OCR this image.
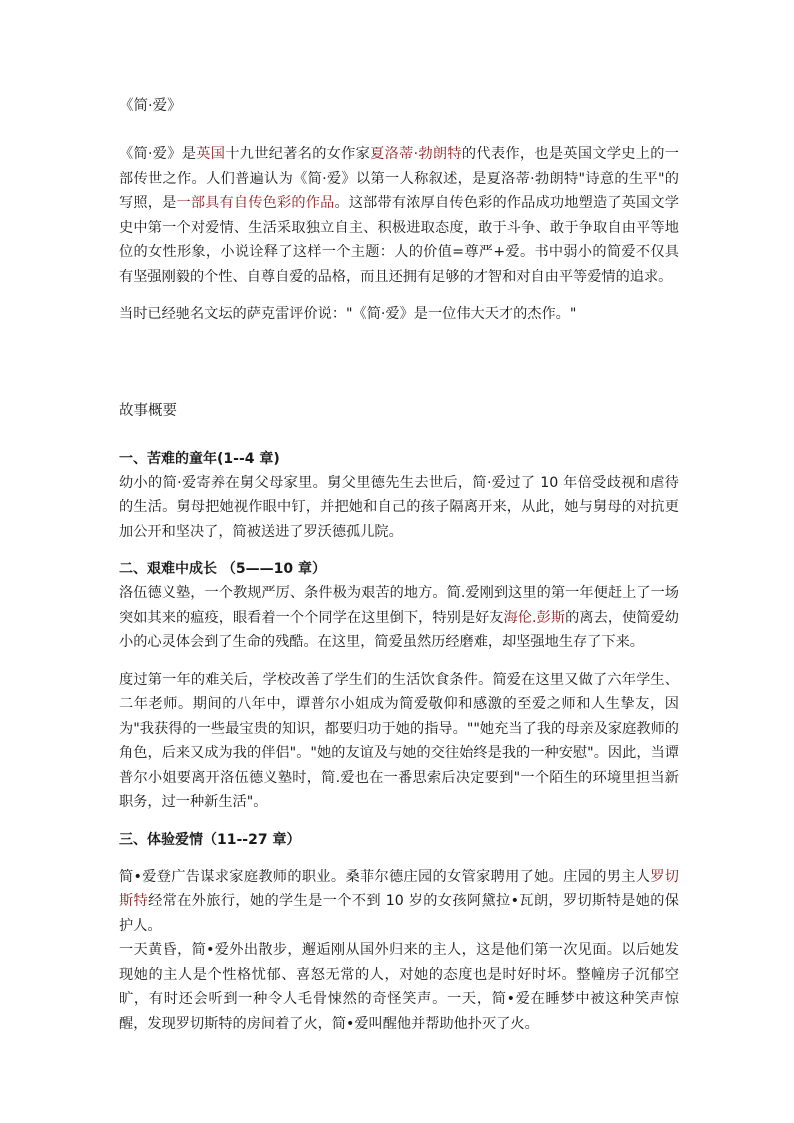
《简·爱》

《简·爱》是英国十九世纪著名的女作家夏洛蒂·勃朗特的代表作，也是英国文学史上的一部传世之作。人们普遍认为《简·爱》以第一人称叙述，是夏洛蒂·勃朗特"诗意的生平"的写照，是一部具有自传色彩的作品。这部带有浓厚自传色彩的作品成功地塑造了英国文学史中第一个对爱情、生活采取独立自主、积极进取态度，敢于斗争、敢于争取自由平等地位的女性形象，小说诠释了这样一个主题：人的价值=尊严+爱。书中弱小的简爱不仅具有坚强刚毅的个性、自尊自爱的品格，而且还拥有足够的才智和对自由平等爱情的追求。

当时已经驰名文坛的萨克雷评价说："《简·爱》是一位伟大天才的杰作。"

故事概要

一、苦难的童年(1--4 章)

幼小的简·爱寄养在舅父母家里。舅父里德先生去世后，简·爱过了 10 年倍受歧视和虐待的生活。舅母把她视作眼中钉，并把她和自己的孩子隔离开来，从此，她与舅母的对抗更加公开和坚决了，简被送进了罗沃德孤儿院。

二、艰难中成长 （5——10 章）

洛伍德义塾，一个教规严厉、条件极为艰苦的地方。简.爱刚到这里的第一年便赶上了一场突如其来的瘟疫，眼看着一个个同学在这里倒下，特别是好友海伦.彭斯的离去，使简爱幼小的心灵体会到了生命的残酷。在这里，简爱虽然历经磨难，却坚强地生存了下来。

度过第一年的难关后，学校改善了学生们的生活饮食条件。简爱在这里又做了六年学生、二年老师。期间的八年中，谭普尔小姐成为简爱敬仰和感激的至爱之师和人生挚友，因为"我获得的一些最宝贵的知识，都要归功于她的指导。""她充当了我的母亲及家庭教师的角色，后来又成为我的伴侣"。"她的友谊及与她的交往始终是我的一种安慰"。因此，当谭普尔小姐要离开洛伍德义塾时，简.爱也在一番思索后决定要到"一个陌生的环境里担当新职务，过一种新生活"。

三、体验爱情（11--27 章）

简•爱登广告谋求家庭教师的职业。桑菲尔德庄园的女管家聘用了她。庄园的男主人罗切斯特经常在外旅行，她的学生是一个不到 10 岁的女孩阿黛拉•瓦朗，罗切斯特是她的保护人。

一天黄昏，简•爱外出散步，邂逅刚从国外归来的主人，这是他们第一次见面。以后她发现她的主人是个性格忧郁、喜怒无常的人，对她的态度也是时好时坏。整幢房子沉郁空旷，有时还会听到一种令人毛骨悚然的奇怪笑声。一天，简•爱在睡梦中被这种笑声惊醒，发现罗切斯特的房间着了火，简•爱叫醒他并帮助他扑灭了火。
